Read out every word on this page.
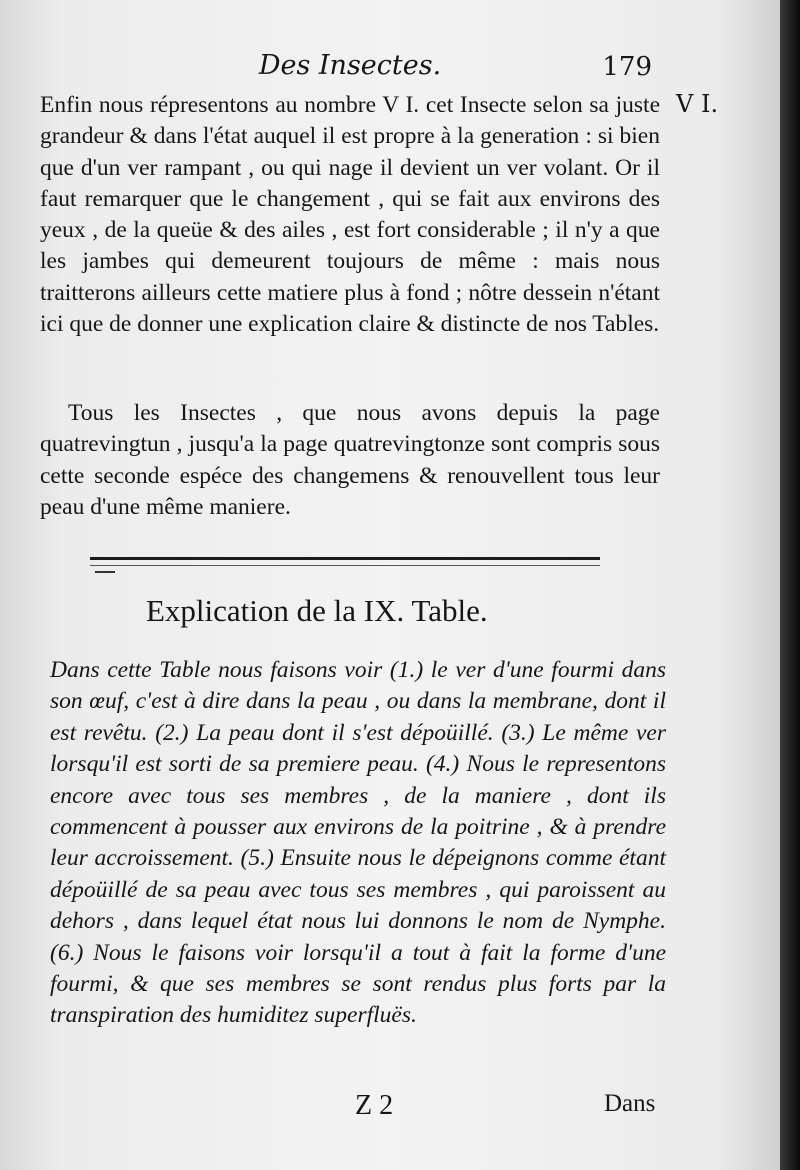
Des Insectes.	179
V I.

Enfin nous répresentons au nombre V I. cet Insecte selon sa juste grandeur & dans l'état auquel il est propre à la generation : si bien que d'un ver rampant , ou qui nage il devient un ver volant. Or il faut remarquer que le changement , qui se fait aux environs des yeux , de la queüe & des ailes , est fort considerable ; il n'y a que les jambes qui demeurent toujours de même : mais nous traitterons ailleurs cette matiere plus à fond ; nôtre dessein n'étant ici que de donner une explication claire & distincte de nos Tables.

Tous les Insectes , que nous avons depuis la page quatrevingtun , jusqu'a la page quatrevingtonze sont compris sous cette seconde espéce des changemens & renouvellent tous leur peau d'une même maniere.

Explication de la IX. Table.

Dans cette Table nous faisons voir (1.) le ver d'une fourmi dans son œuf, c'est à dire dans la peau , ou dans la membrane, dont il est revêtu. (2.) La peau dont il s'est dépoüillé. (3.) Le même ver lorsqu'il est sorti de sa premiere peau. (4.) Nous le representons encore avec tous ses membres , de la maniere , dont ils commencent à pousser aux environs de la poitrine , & à prendre leur accroissement. (5.) Ensuite nous le dépeignons comme étant dépoüillé de sa peau avec tous ses membres , qui paroissent au dehors , dans lequel état nous lui donnons le nom de Nymphe. (6.) Nous le faisons voir lorsqu'il a tout à fait la forme d'une fourmi, & que ses membres se sont rendus plus forts par la transpiration des humiditez superfluës.

Z 2	Dans
